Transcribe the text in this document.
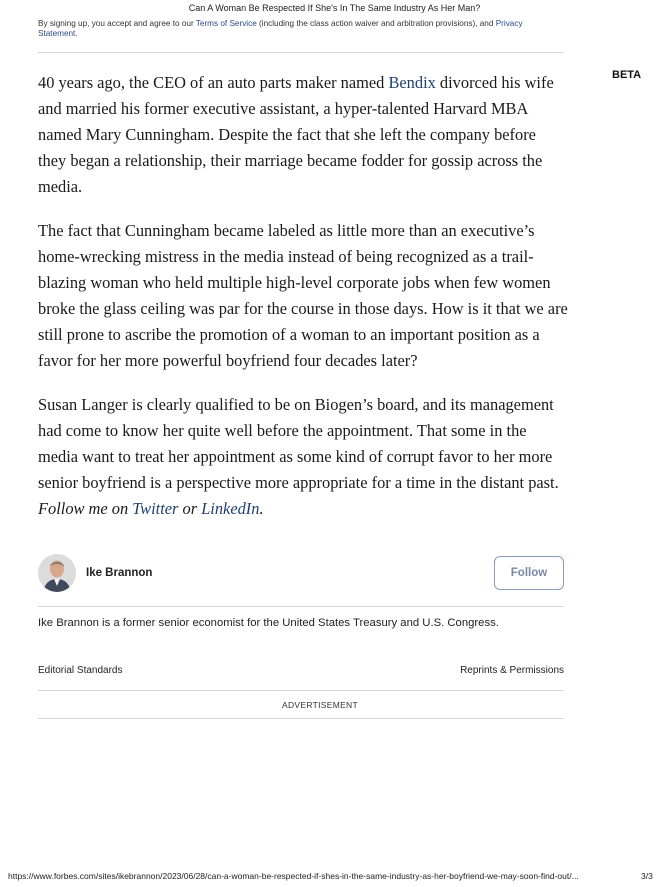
Can A Woman Be Respected If She's In The Same Industry As Her Man?
By signing up, you accept and agree to our Terms of Service (including the class action waiver and arbitration provisions), and Privacy Statement.
BETA

40 years ago, the CEO of an auto parts maker named Bendix divorced his wife and married his former executive assistant, a hyper-talented Harvard MBA named Mary Cunningham. Despite the fact that she left the company before they began a relationship, their marriage became fodder for gossip across the media.

The fact that Cunningham became labeled as little more than an executive’s home-wrecking mistress in the media instead of being recognized as a trail-blazing woman who held multiple high-level corporate jobs when few women broke the glass ceiling was par for the course in those days. How is it that we are still prone to ascribe the promotion of a woman to an important position as a favor for her more powerful boyfriend four decades later?

Susan Langer is clearly qualified to be on Biogen’s board, and its management had come to know her quite well before the appointment. That some in the media want to treat her appointment as some kind of corrupt favor to her more senior boyfriend is a perspective more appropriate for a time in the distant past.

Follow me on Twitter or LinkedIn.

Ike Brannon	Follow
Ike Brannon is a former senior economist for the United States Treasury and U.S. Congress.
Editorial Standards	Reprints & Permissions
ADVERTISEMENT
https://www.forbes.com/sites/ikebrannon/2023/06/28/can-a-woman-be-respected-if-shes-in-the-same-industry-as-her-boyfriend-we-may-soon-find-out/...	3/3
